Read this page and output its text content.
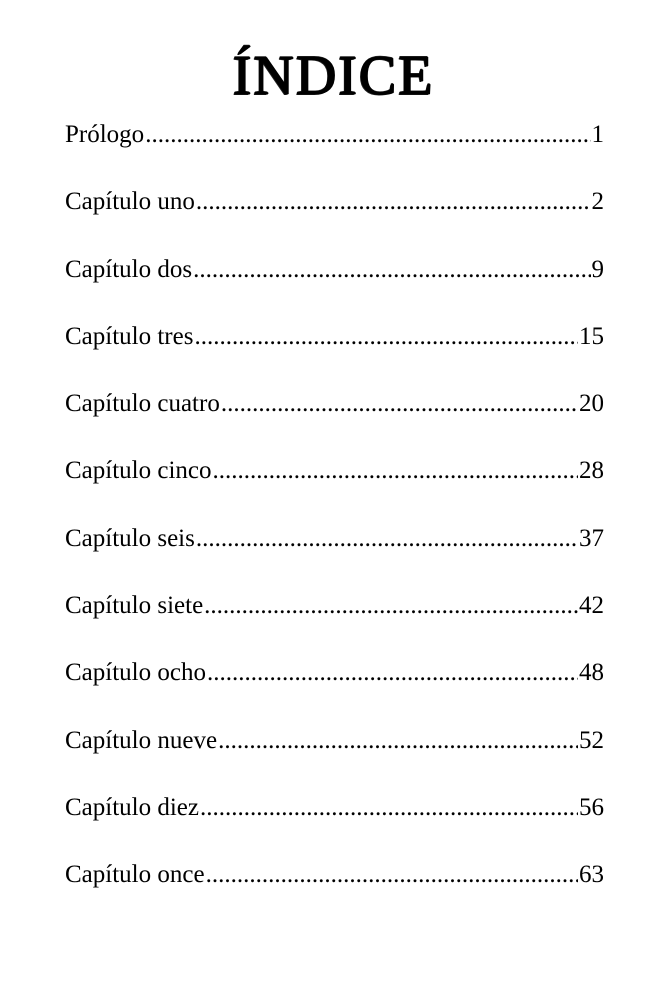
ÍNDICE
Prólogo .....	1
Capítulo uno .....	2
Capítulo dos .....	9
Capítulo tres .....	15
Capítulo cuatro .....	20
Capítulo cinco .....	28
Capítulo seis .....	37
Capítulo siete .....	42
Capítulo ocho .....	48
Capítulo nueve .....	52
Capítulo diez .....	56
Capítulo once .....	63
